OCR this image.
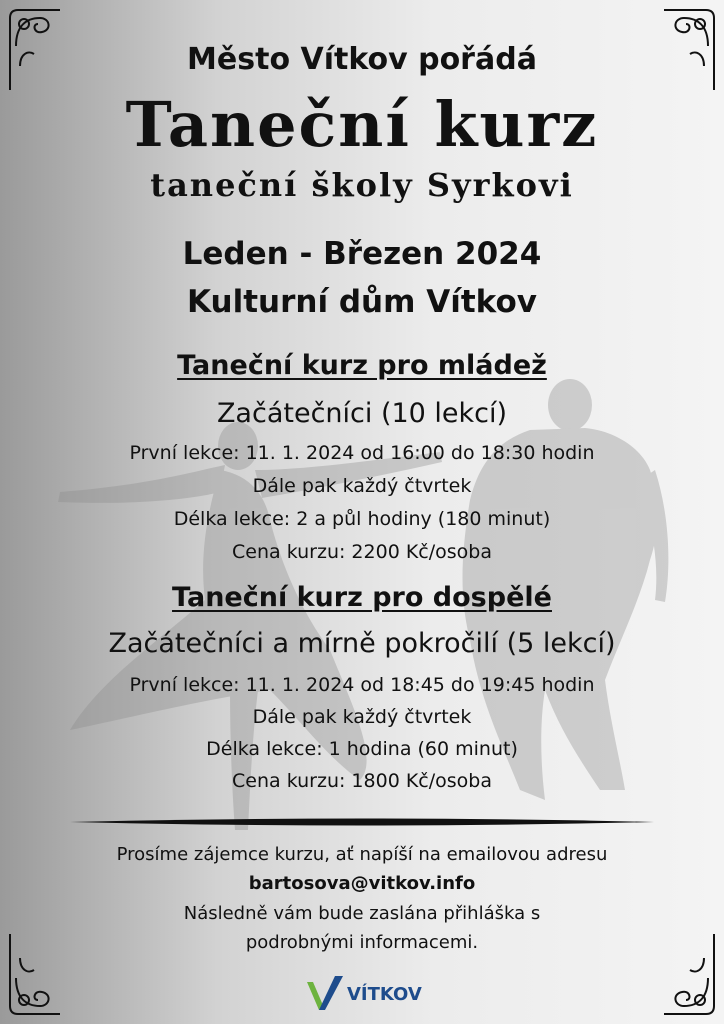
Město Vítkov pořádá
Taneční kurz
taneční školy Syrkovi
Leden - Březen 2024
Kulturní dům Vítkov
Taneční kurz pro mládež
Začátečníci (10 lekcí)
První lekce: 11. 1. 2024 od 16:00 do 18:30 hodin
Dále pak každý čtvrtek
Délka lekce: 2 a půl hodiny (180 minut)
Cena kurzu: 2200 Kč/osoba
Taneční kurz pro dospělé
Začátečníci a mírně pokročilí (5 lekcí)
První lekce: 11. 1. 2024 od 18:45 do 19:45 hodin
Dále pak každý čtvrtek
Délka lekce: 1 hodina (60 minut)
Cena kurzu: 1800 Kč/osoba
Prosíme zájemce kurzu, ať napíší na emailovou adresu
bartosova@vitkov.info
Následně vám bude zaslána přihláška s
podrobnými informacemi.
VÍTKOV
